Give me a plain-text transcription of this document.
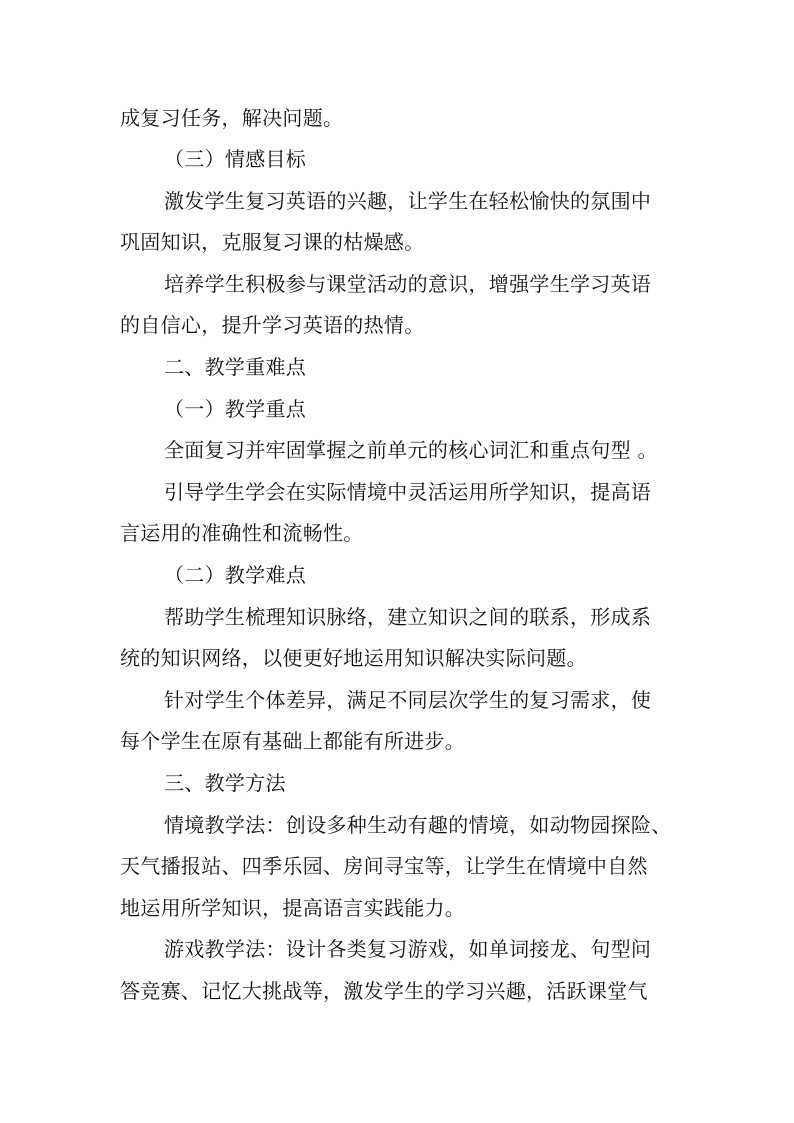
成复习任务，解决问题。
（三）情感目标
激发学生复习英语的兴趣，让学生在轻松愉快的氛围中
巩固知识，克服复习课的枯燥感。
培养学生积极参与课堂活动的意识，增强学生学习英语
的自信心，提升学习英语的热情。
二、教学重难点
（一）教学重点
全面复习并牢固掌握之前单元的核心词汇和重点句型 。
引导学生学会在实际情境中灵活运用所学知识，提高语
言运用的准确性和流畅性。
（二）教学难点
帮助学生梳理知识脉络，建立知识之间的联系，形成系
统的知识网络，以便更好地运用知识解决实际问题。
针对学生个体差异，满足不同层次学生的复习需求，使
每个学生在原有基础上都能有所进步。
三、教学方法
情境教学法：创设多种生动有趣的情境，如动物园探险、
天气播报站、四季乐园、房间寻宝等，让学生在情境中自然
地运用所学知识，提高语言实践能力。
游戏教学法：设计各类复习游戏，如单词接龙、句型问
答竞赛、记忆大挑战等，激发学生的学习兴趣，活跃课堂气
